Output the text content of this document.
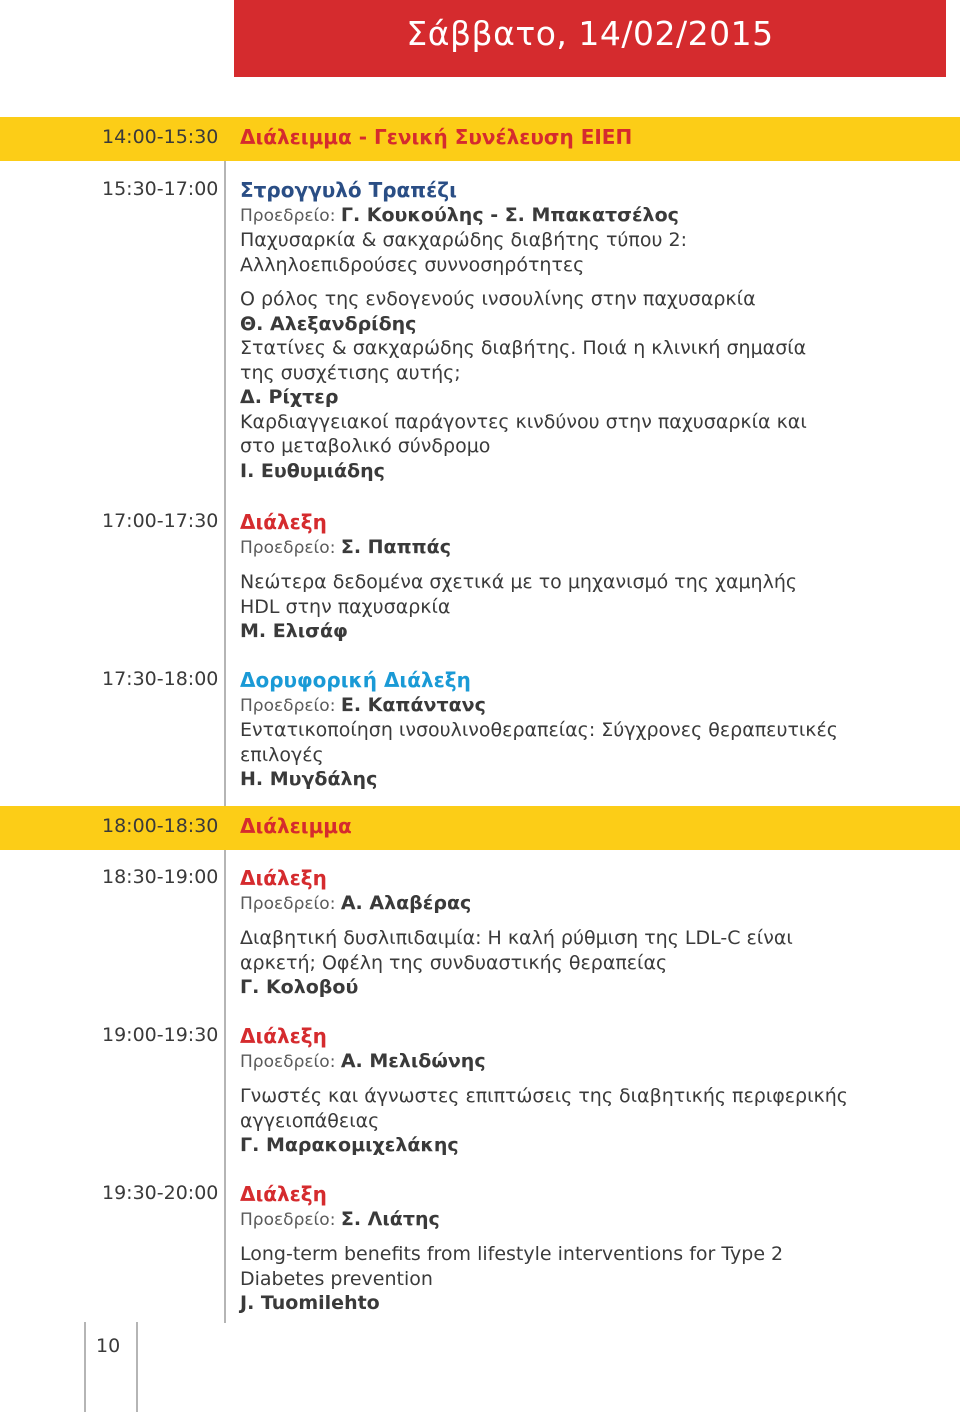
Σάββατο, 14/02/2015
14:00-15:30 Διάλειμμα - Γενική Συνέλευση ΕΙΕΠ
15:30-17:00 Στρογγυλό Τραπέζι
Προεδρείο: Γ. Κουκούλης - Σ. Μπακατσέλος
Παχυσαρκία & σακχαρώδης διαβήτης τύπου 2:
Αλληλοεπιδρούσες συννοσηρότητες
Ο ρόλος της ενδογενούς ινσουλίνης στην παχυσαρκία
Θ. Αλεξανδρίδης
Στατίνες & σακχαρώδης διαβήτης. Ποιά η κλινική σημασία
της συσχέτισης αυτής;
Δ. Ρίχτερ
Καρδιαγγειακοί παράγοντες κινδύνου στην παχυσαρκία και
στο μεταβολικό σύνδρομο
Ι. Ευθυμιάδης
17:00-17:30 Διάλεξη
Προεδρείο: Σ. Παππάς
Νεώτερα δεδομένα σχετικά με το μηχανισμό της χαμηλής
HDL στην παχυσαρκία
Μ. Ελισάφ
17:30-18:00 Δορυφορική Διάλεξη
Προεδρείο: Ε. Καπάντανς
Εντατικοποίηση ινσουλινοθεραπείας: Σύγχρονες θεραπευτικές
επιλογές
Η. Μυγδάλης
18:00-18:30 Διάλειμμα
18:30-19:00 Διάλεξη
Προεδρείο: Α. Αλαβέρας
Διαβητική δυσλιπιδαιμία: Η καλή ρύθμιση της LDL-C είναι
αρκετή; Οφέλη της συνδυαστικής θεραπείας
Γ. Κολοβού
19:00-19:30 Διάλεξη
Προεδρείο: Α. Μελιδώνης
Γνωστές και άγνωστες επιπτώσεις της διαβητικής περιφερικής
αγγειοπάθειας
Γ. Μαρακομιχελάκης
19:30-20:00 Διάλεξη
Προεδρείο: Σ. Λιάτης
Long-term benefits from lifestyle interventions for Type 2
Diabetes prevention
J. Tuomilehto
10
